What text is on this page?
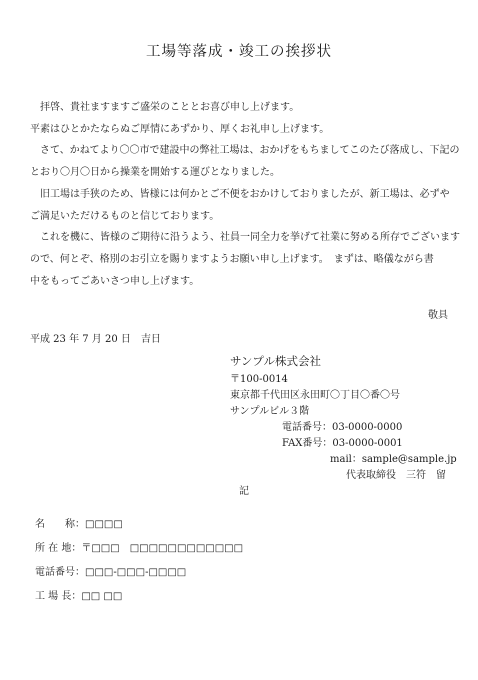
工場等落成・竣工の挨拶状

　拝啓、貴社ますますご盛栄のこととお喜び申し上げます。

平素はひとかたならぬご厚情にあずかり、厚くお礼申し上げます。

　さて、かねてより〇〇市で建設中の弊社工場は、おかげをもちましてこのたび落成し、下記の

とおり〇月〇日から操業を開始する運びとなりました。

　旧工場は手狭のため、皆様には何かとご不便をおかけしておりましたが、新工場は、必ずや

ご満足いただけるものと信じております。

　これを機に、皆様のご期待に沿うよう、社員一同全力を挙げて社業に努める所存でございます

ので、何とぞ、格別のお引立を賜りますようお願い申し上げます。　まずは、略儀ながら書

中をもってごあいさつ申し上げます。

敬具
平成 23 年 7 月 20 日　吉日
サンプル株式会社
〒100-0014
東京都千代田区永田町〇丁目〇番〇号
サンプルビル３階
電話番号：03-0000-0000
FAX番号：03-0000-0001
mail：sample@sample.jp
代表取締役　三符　留
記
名　　称：□□□□
所 在 地：〒□□□　□□□□□□□□□□□□
電話番号：□□□-□□□-□□□□
工 場 長：□□ □□
